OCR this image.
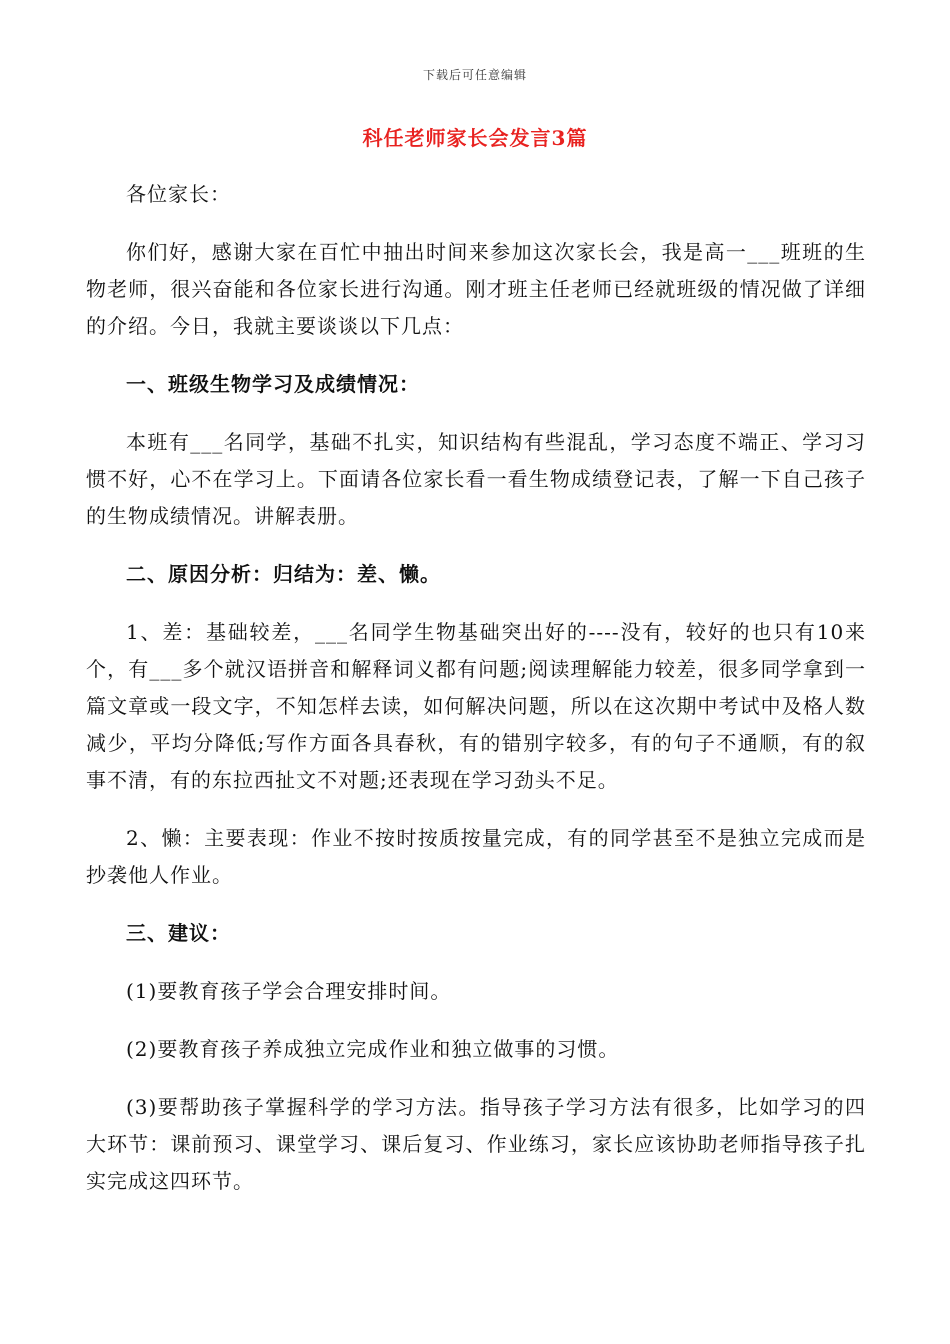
下载后可任意编辑
科任老师家长会发言3篇

各位家长：

你们好，感谢大家在百忙中抽出时间来参加这次家长会，我是高一___班班的生物老师，很兴奋能和各位家长进行沟通。刚才班主任老师已经就班级的情况做了详细的介绍。今日，我就主要谈谈以下几点：

一、班级生物学习及成绩情况：

本班有___名同学，基础不扎实，知识结构有些混乱，学习态度不端正、学习习惯不好，心不在学习上。下面请各位家长看一看生物成绩登记表，了解一下自己孩子的生物成绩情况。讲解表册。

二、原因分析：归结为：差、懒。

1、差：基础较差，___名同学生物基础突出好的----没有，较好的也只有10来个，有___多个就汉语拼音和解释词义都有问题;阅读理解能力较差，很多同学拿到一篇文章或一段文字，不知怎样去读，如何解决问题，所以在这次期中考试中及格人数减少，平均分降低;写作方面各具春秋，有的错别字较多，有的句子不通顺，有的叙事不清，有的东拉西扯文不对题;还表现在学习劲头不足。

2、懒：主要表现：作业不按时按质按量完成，有的同学甚至不是独立完成而是抄袭他人作业。

三、建议：

(1)要教育孩子学会合理安排时间。

(2)要教育孩子养成独立完成作业和独立做事的习惯。

(3)要帮助孩子掌握科学的学习方法。指导孩子学习方法有很多，比如学习的四大环节：课前预习、课堂学习、课后复习、作业练习，家长应该协助老师指导孩子扎实完成这四环节。
